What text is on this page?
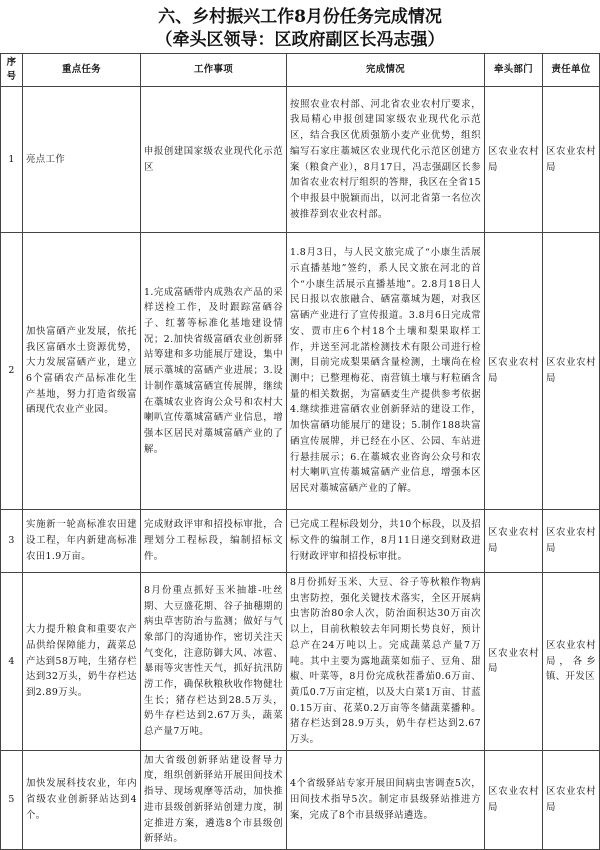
六、乡村振兴工作8月份任务完成情况
（牵头区领导：区政府副区长冯志强）
序号	重点任务	工作事项	完成情况	牵头部门	责任单位
1	亮点工作	申报创建国家级农业现代化示范区	按照农业农村部、河北省农业农村厅要求，我局精心申报创建国家级农业现代化示范区，结合我区优质强筋小麦产业优势，组织编写石家庄藁城区农业现代化示范区创建方案（粮食产业），8月17日，冯志强副区长参加省农业农村厅组织的答辩，我区在全省15个申报县中脱颖而出，以河北省第一名位次被推荐到农业农村部。	区农业农村局	区农业农村局
2	加快富硒产业发展，依托我区富硒水土资源优势，大力发展富硒产业，建立6个富硒农产品标准化生产基地，努力打造省级富硒现代农业产业园。	1.完成富硒带内成熟农产品的采样送检工作，及时跟踪富硒谷子、红薯等标准化基地建设情况；2.加快省级富硒农业创新驿站筹建和多功能展厅建设，集中展示藁城的富硒产业进展；3.设计制作藁城富硒宣传展牌，继续在藁城农业咨询公众号和农村大喇叭宣传藁城富硒产业信息，增强本区居民对藁城富硒产业的了解。	1.8月3日，与人民文旅完成了“小康生活展示直播基地”签约，系人民文旅在河北的首个“小康生活展示直播基地”。2.8月18日人民日报以农旅融合、硒富藁城为题，对我区富硒产业进行了宣传报道。3.8月6日完成常安、贾市庄6个村18个土壤和梨果取样工作，并送至河北諾检测技术有限公司进行检测，目前完成梨果硒含量检测，土壤尚在检测中；已整理梅花、南营镇土壤与籽粒硒含量的相关数据，为富硒麦生产提供参考依据4.继续推进富硒农业创新驿站的建设工作，加快富硒功能展厅的建设；5.制作188块富硒宣传展牌，并已经在小区、公园、车站进行悬挂展示；6.在藁城农业咨询公众号和农村大喇叭宣传藁城富硒产业信息，增强本区居民对藁城富硒产业的了解。	区农业农村局	区农业农村局
3	实施新一轮高标准农田建设工程，年内新建高标准农田1.9万亩。	完成财政评审和招投标审批，合理划分工程标段，编制招标文件。	已完成工程标段划分，共10个标段，以及招标文件的编制工作，8月11日递交到财政进行财政评审和招投标审批。	区农业农村局	区农业农村局
4	大力提升粮食和重要农产品供给保障能力，蔬菜总产达到58万吨，生猪存栏达到32万头，奶牛存栏达到2.89万头。	8月份重点抓好玉米抽雄-吐丝期、大豆盛花期、谷子抽穗期的病虫草害防治与监测；做好与气象部门的沟通协作，密切关注天气变化，注意防御大风、冰雹、暴雨等灾害性天气，抓好抗汛防涝工作，确保秋粮秋收作物健壮生长；猪存栏达到28.5万头，奶牛存栏达到2.67万头，蔬菜总产量7万吨。	8月份抓好玉米、大豆、谷子等秋粮作物病虫害防控，强化关键技术落实，全区开展病虫害防治80余人次，防治面积达30万亩次以上，目前秋粮较去年同期长势良好，预计总产在24万吨以上。完成蔬菜总产量7万吨。其中主要为露地蔬菜如茄子、豆角、甜椒、叶菜等，8月份完成秋茬番茄0.6万亩、黄瓜0.7万亩定植，以及大白菜1万亩、甘蓝0.15万亩、花菜0.2万亩等冬储蔬菜播种。猪存栏达到28.9万头，奶牛存栏达到2.67万头。	区农业农村局	区农业农村局，各乡镇、开发区
5	加快发展科技农业，年内省级农业创新驿站达到4个。	加大省级创新驿站建设督导力度，组织创新驿站开展田间技术指导、现场观摩等活动，加快推进市县级创新驿站创建力度，制定推进方案，遴选8个市县级创新驿站。	4个省级驿站专家开展田间病虫害调查5次，田间技术指导5次。制定市县级驿站推进方案，完成了8个市县级驿站遴选。	区农业农村局	区农业农村局
